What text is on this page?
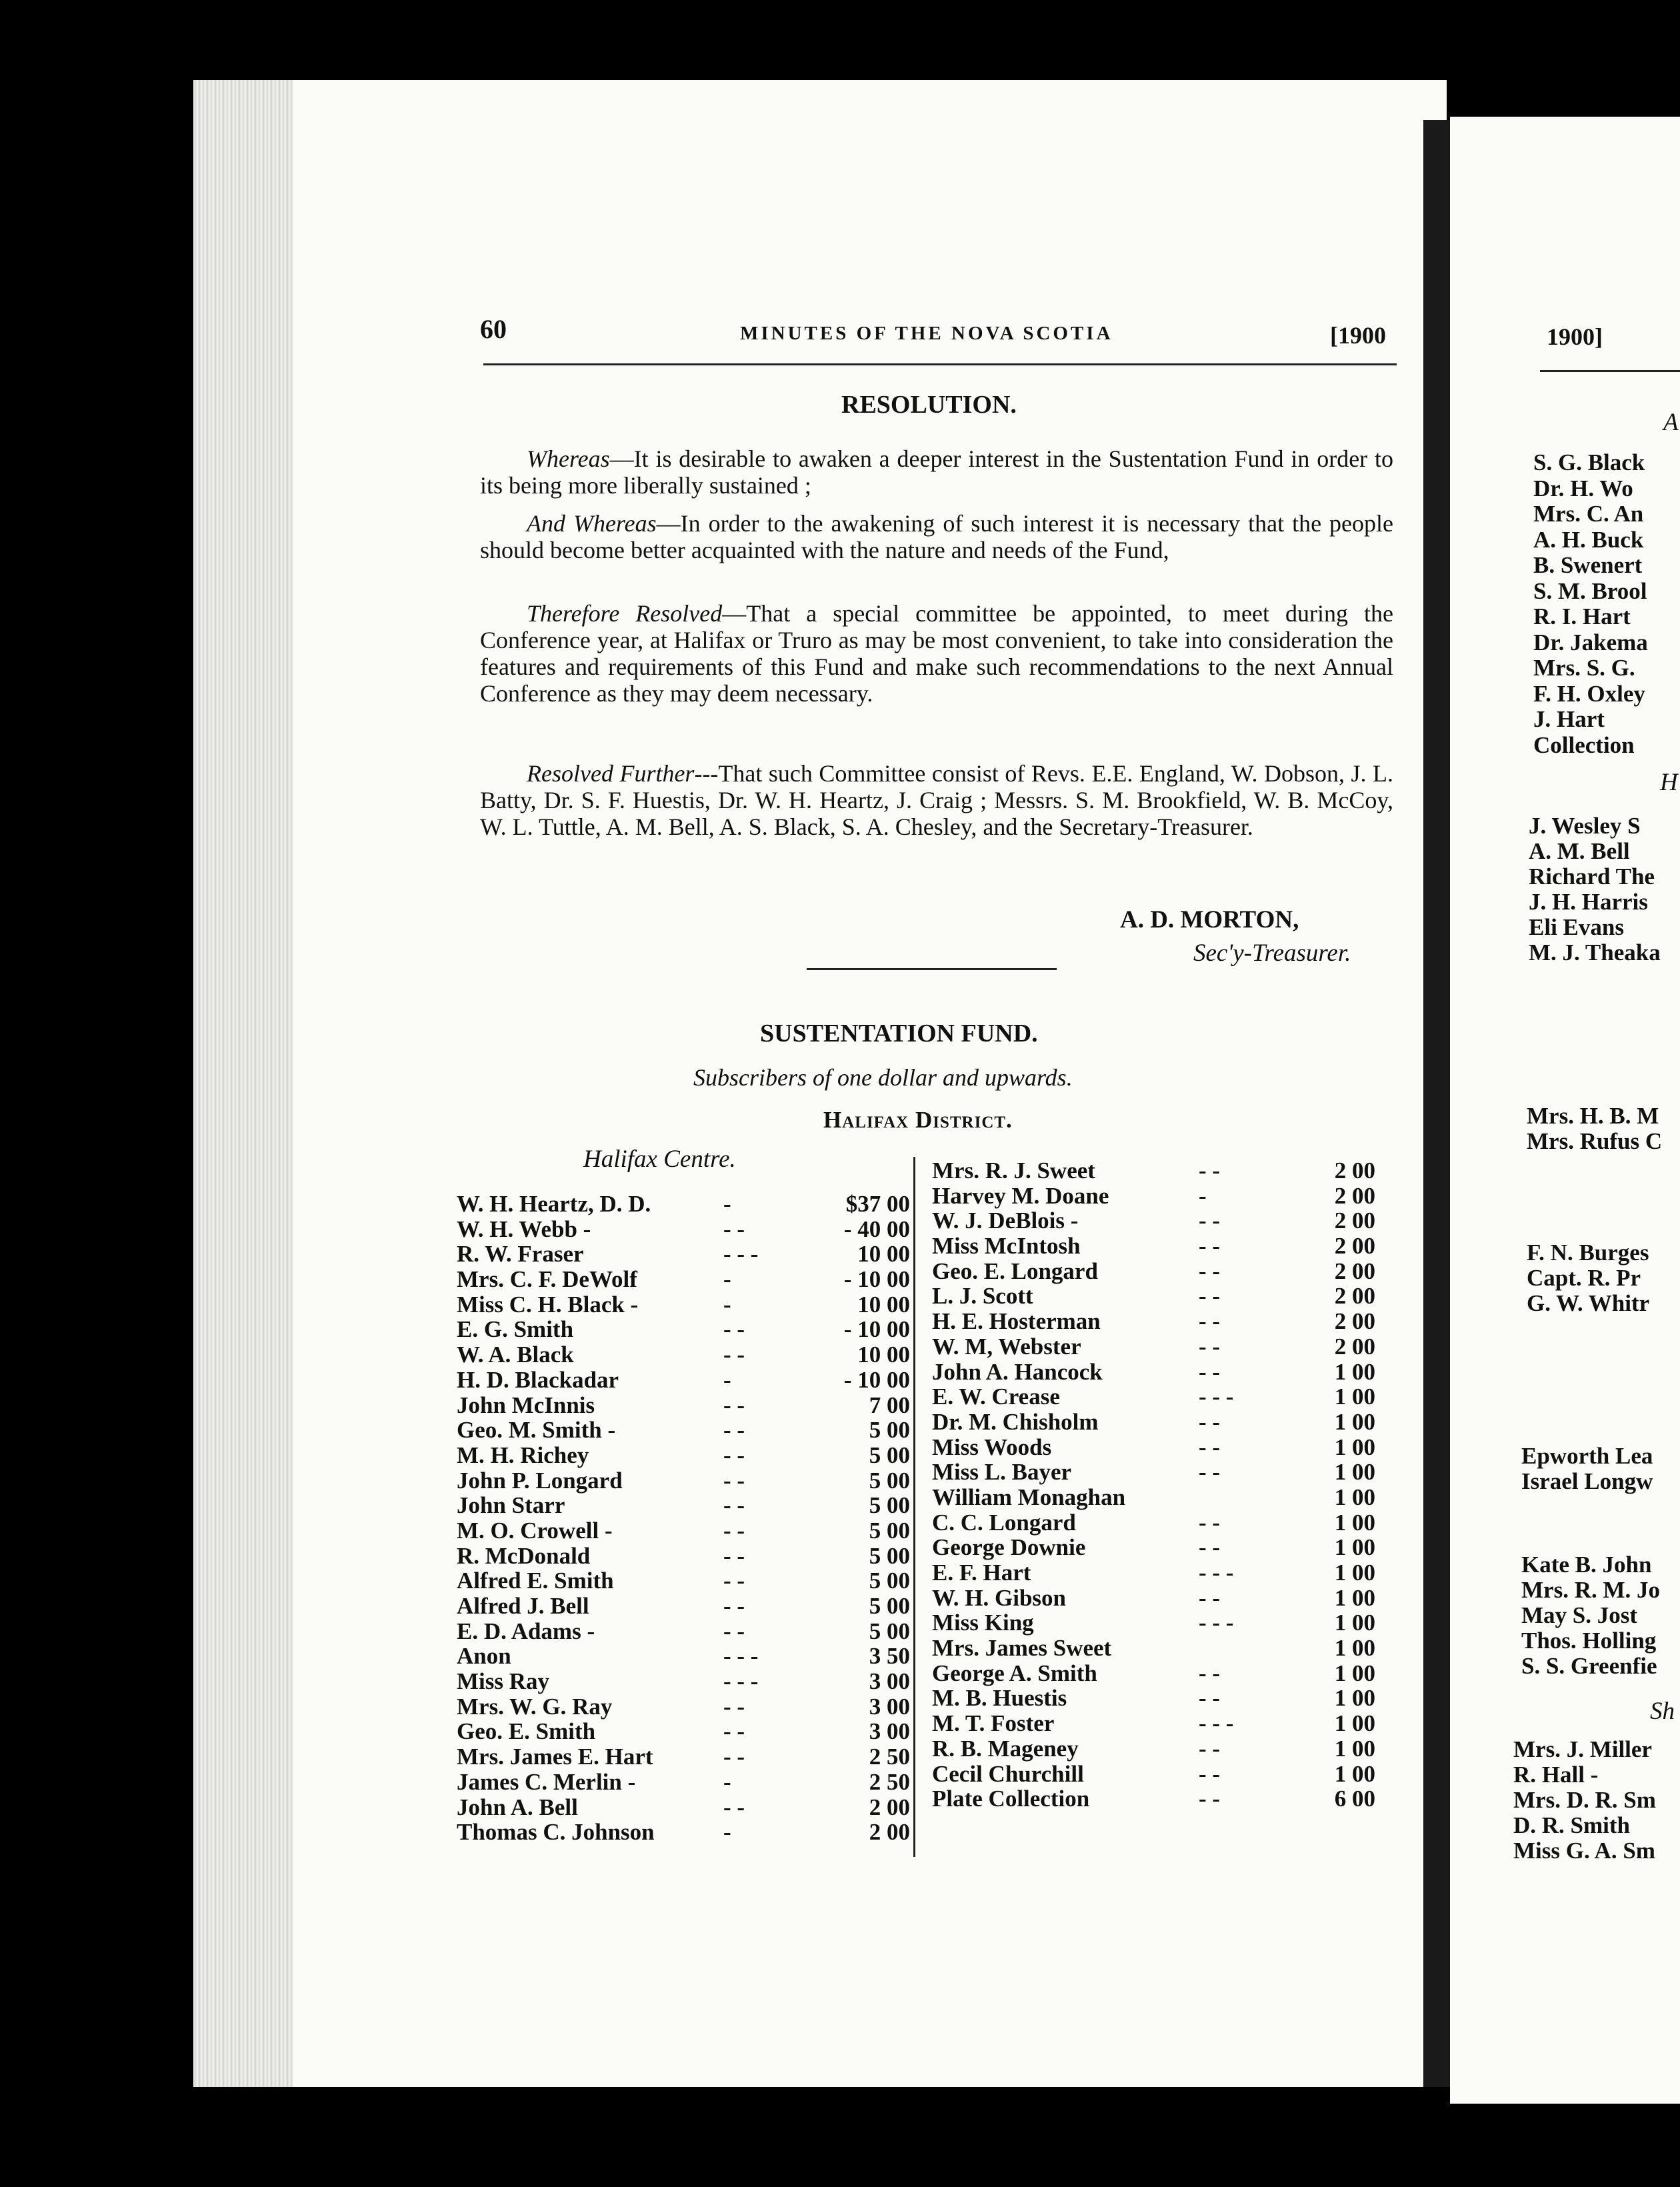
60	MINUTES OF THE NOVA SCOTIA	[1900
RESOLUTION.
Whereas—It is desirable to awaken a deeper interest in the Sustentation Fund in order to its being more liberally sustained ;
And Whereas—In order to the awakening of such interest it is necessary that the people should become better acquainted with the nature and needs of the Fund,
Therefore Resolved—That a special committee be appointed, to meet during the Conference year, at Halifax or Truro as may be most convenient, to take into consideration the features and requirements of this Fund and make such recommendations to the next Annual Conference as they may deem necessary.
Resolved Further---That such Committee consist of Revs. E.E. England, W. Dobson, J. L. Batty, Dr. S. F. Huestis, Dr. W. H. Heartz, J. Craig ; Messrs. S. M. Brookfield, W. B. McCoy, W. L. Tuttle, A. M. Bell, A. S. Black, S. A. Chesley, and the Secretary-Treasurer.
A. D. MORTON,
Sec'y-Treasurer.
SUSTENTATION FUND.
Subscribers of one dollar and upwards.
Halifax District.
Halifax Centre.
W. H. Heartz, D. D.	-	$37 00
W. H. Webb -	- -	- 40 00
R. W. Fraser	- - -	10 00
Mrs. C. F. DeWolf	-	- 10 00
Miss C. H. Black -	-	10 00
E. G. Smith	- -	- 10 00
W. A. Black	- -	10 00
H. D. Blackadar	-	- 10 00
John McInnis	- -	7 00
Geo. M. Smith -	- -	5 00
M. H. Richey	- -	5 00
John P. Longard	- -	5 00
John Starr	- -	5 00
M. O. Crowell -	- -	5 00
R. McDonald	- -	5 00
Alfred E. Smith	- -	5 00
Alfred J. Bell	- -	5 00
E. D. Adams -	- -	5 00
Anon	- - -	3 50
Miss Ray	- - -	3 00
Mrs. W. G. Ray	- -	3 00
Geo. E. Smith	- -	3 00
Mrs. James E. Hart	- -	2 50
James C. Merlin -	-	2 50
John A. Bell	- -	2 00
Thomas C. Johnson	-	2 00
Mrs. R. J. Sweet	- -	2 00
Harvey M. Doane	-	2 00
W. J. DeBlois -	- -	2 00
Miss McIntosh	- -	2 00
Geo. E. Longard	- -	2 00
L. J. Scott	- -	2 00
H. E. Hosterman	- -	2 00
W. M, Webster	- -	2 00
John A. Hancock	- -	1 00
E. W. Crease	- - -	1 00
Dr. M. Chisholm	- -	1 00
Miss Woods	- -	1 00
Miss L. Bayer	- -	1 00
William Monaghan	1 00
C. C. Longard	- -	1 00
George Downie	- -	1 00
E. F. Hart	- - -	1 00
W. H. Gibson	- -	1 00
Miss King	- - -	1 00
Mrs. James Sweet	1 00
George A. Smith	- -	1 00
M. B. Huestis	- -	1 00
M. T. Foster	- - -	1 00
R. B. Mageney	- -	1 00
Cecil Churchill	- -	1 00
Plate Collection	- -	6 00
1900]
A
H
Sh
S. G. Black
Dr. H. Wo
Mrs. C. An
A. H. Buck
B. Swenert
S. M. Brool
R. I. Hart
Dr. Jakema
Mrs. S. G.
F. H. Oxley
J. Hart
Collection
J. Wesley S
A. M. Bell
Richard The
J. H. Harris
Eli Evans
M. J. Theaka
Mrs. H. B. M
Mrs. Rufus C
F. N. Burges
Capt. R. Pr
G. W. Whitr
Epworth Lea
Israel Longw
Kate B. John
Mrs. R. M. Jo
May S. Jost
Thos. Holling
S. S. Greenfie
Mrs. J. Miller
R. Hall -
Mrs. D. R. Sm
D. R. Smith
Miss G. A. Sm
